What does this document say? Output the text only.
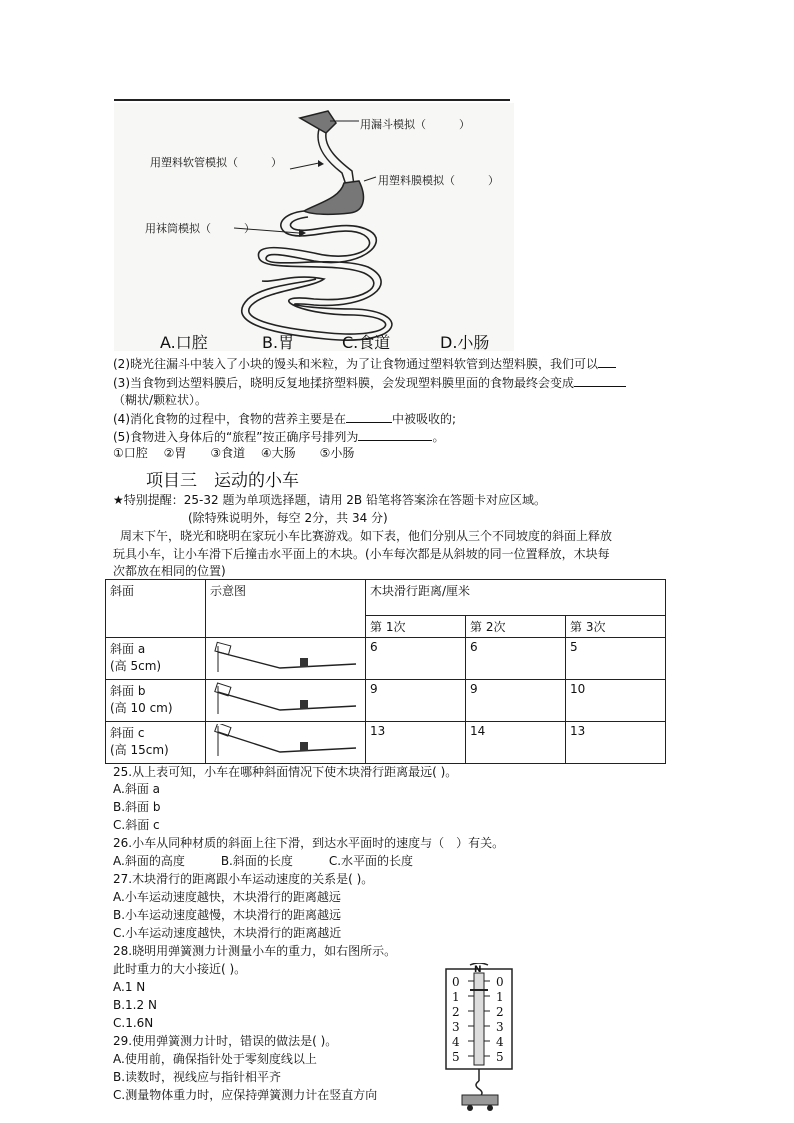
用漏斗模拟（　　　）
用塑料软管模拟（　　　）
用塑料膜模拟（　　　）
用袜筒模拟（　　　）
A.口腔	B.胃	C.食道	D.小肠
(2)晓光往漏斗中装入了小块的馒头和米粒，为了让食物通过塑料软管到达塑料膜，我们可以
(3)当食物到达塑料膜后，晓明反复地揉挤塑料膜，会发现塑料膜里面的食物最终会变成
（糊状/颗粒状）。
(4)消化食物的过程中，食物的营养主要是在	中被吸收的;
(5)食物进入身体后的“旅程”按正确序号排列为	。
①口腔　 ②胃　　③食道　 ④大肠　　⑤小肠
项目三　运动的小车
★特别提醒：25-32 题为单项选择题，请用 2B 铅笔将答案涂在答题卡对应区域。
(除特殊说明外，每空 2分，共 34 分)
周末下午，晓光和晓明在家玩小车比赛游戏。如下表，他们分别从三个不同坡度的斜面上释放
玩具小车，让小车滑下后撞击水平面上的木块。(小车每次都是从斜坡的同一位置释放，木块每
次都放在相同的位置)
斜面	示意图	木块滑行距离/厘米		
		第 1次	第 2次	第 3次

斜面 a
(高 5cm)		6	6	5

斜面 b
(高 10 cm)		9	9	10

斜面 c
(高 15cm)		13	14	13
25.从上表可知，小车在哪种斜面情况下使木块滑行距离最远( )。
A.斜面 a
B.斜面 b
C.斜面 c
26.小车从同种材质的斜面上往下滑，到达水平面时的速度与（　）有关。
A.斜面的高度　　　B.斜面的长度　　　C.水平面的长度
27.木块滑行的距离跟小车运动速度的关系是( )。
A.小车运动速度越快，木块滑行的距离越远
B.小车运动速度越慢，木块滑行的距离越远
C.小车运动速度越快，木块滑行的距离越近
28.晓明用弹簧测力计测量小车的重力，如右图所示。
此时重力的大小接近( )。
A.1 N
B.1.2 N
C.1.6N
29.使用弹簧测力计时，错误的做法是( )。
A.使用前，确保指针处于零刻度线以上
B.读数时，视线应与指针相平齐
C.测量物体重力时，应保持弹簧测力计在竖直方向
N
0
1
2
3
4
5
0
1
2
3
4
5
